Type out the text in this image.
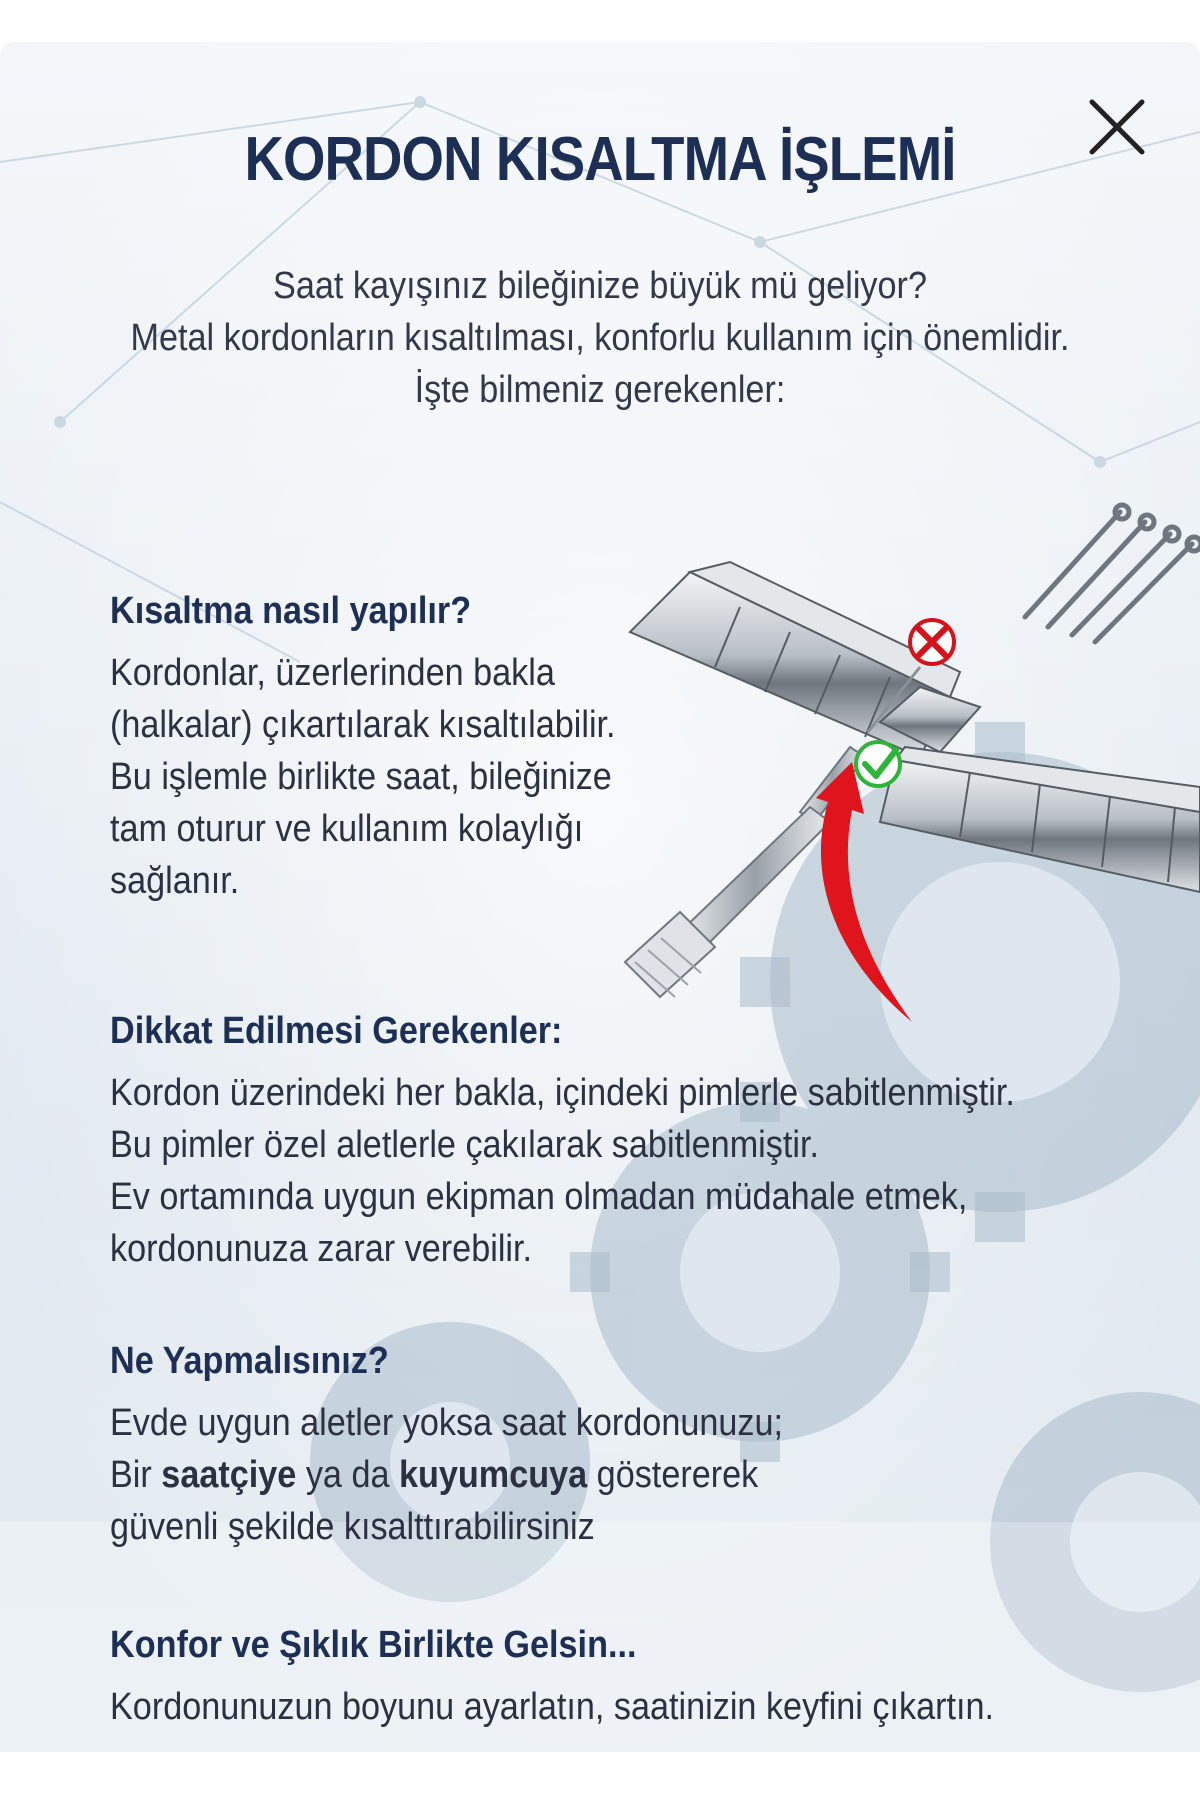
KORDON KISALTMA İŞLEMİ
Saat kayışınız bileğinize büyük mü geliyor?
Metal kordonların kısaltılması, konforlu kullanım için önemlidir.
İşte bilmeniz gerekenler:
Kısaltma nasıl yapılır?
Kordonlar, üzerlerinden bakla
(halkalar) çıkartılarak kısaltılabilir.
Bu işlemle birlikte saat, bileğinize
tam oturur ve kullanım kolaylığı
sağlanır.
Dikkat Edilmesi Gerekenler:
Kordon üzerindeki her bakla, içindeki pimlerle sabitlenmiştir.
Bu pimler özel aletlerle çakılarak sabitlenmiştir.
Ev ortamında uygun ekipman olmadan müdahale etmek,
kordonunuza zarar verebilir.
Ne Yapmalısınız?
Evde uygun aletler yoksa saat kordonunuzu;
Bir saatçiye ya da kuyumcuya göstererek
güvenli şekilde kısalttırabilirsiniz
Konfor ve Şıklık Birlikte Gelsin...
Kordonunuzun boyunu ayarlatın, saatinizin keyfini çıkartın.
